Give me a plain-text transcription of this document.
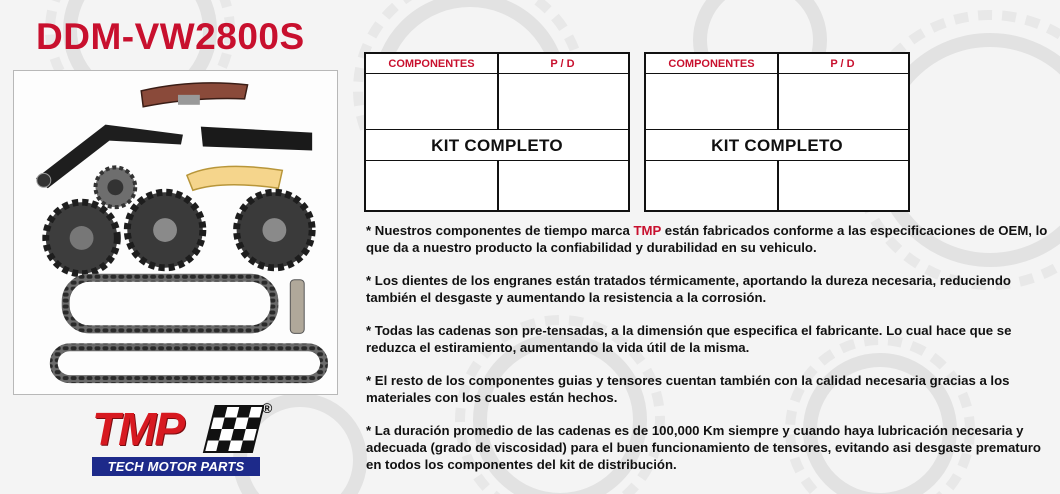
DDM-VW2800S
TMP	®
TECH MOTOR PARTS
COMPONENTES	P / D
KIT COMPLETO
COMPONENTES	P / D
KIT COMPLETO

* Nuestros componentes de tiempo marca TMP están fabricados conforme a las especificaciones de OEM, lo que da a nuestro producto la confiabilidad y durabilidad en su vehiculo.

* Los dientes de los engranes están tratados térmicamente, aportando la dureza necesaria, reduciendo también el desgaste y aumentando la resistencia a la corrosión.

* Todas las cadenas son pre-tensadas, a la dimensión que especifica el fabricante. Lo cual hace que se reduzca el estiramiento, aumentando la vida útil de la misma.

* El resto de los componentes guias y tensores cuentan también con la calidad necesaria gracias a los materiales con los cuales están hechos.

* La duración promedio de las cadenas es de 100,000 Km siempre y cuando haya lubricación necesaria y adecuada (grado de viscosidad) para el buen funcionamiento de tensores, evitando asi desgaste prematuro en todos los componentes del kit de distribución.
